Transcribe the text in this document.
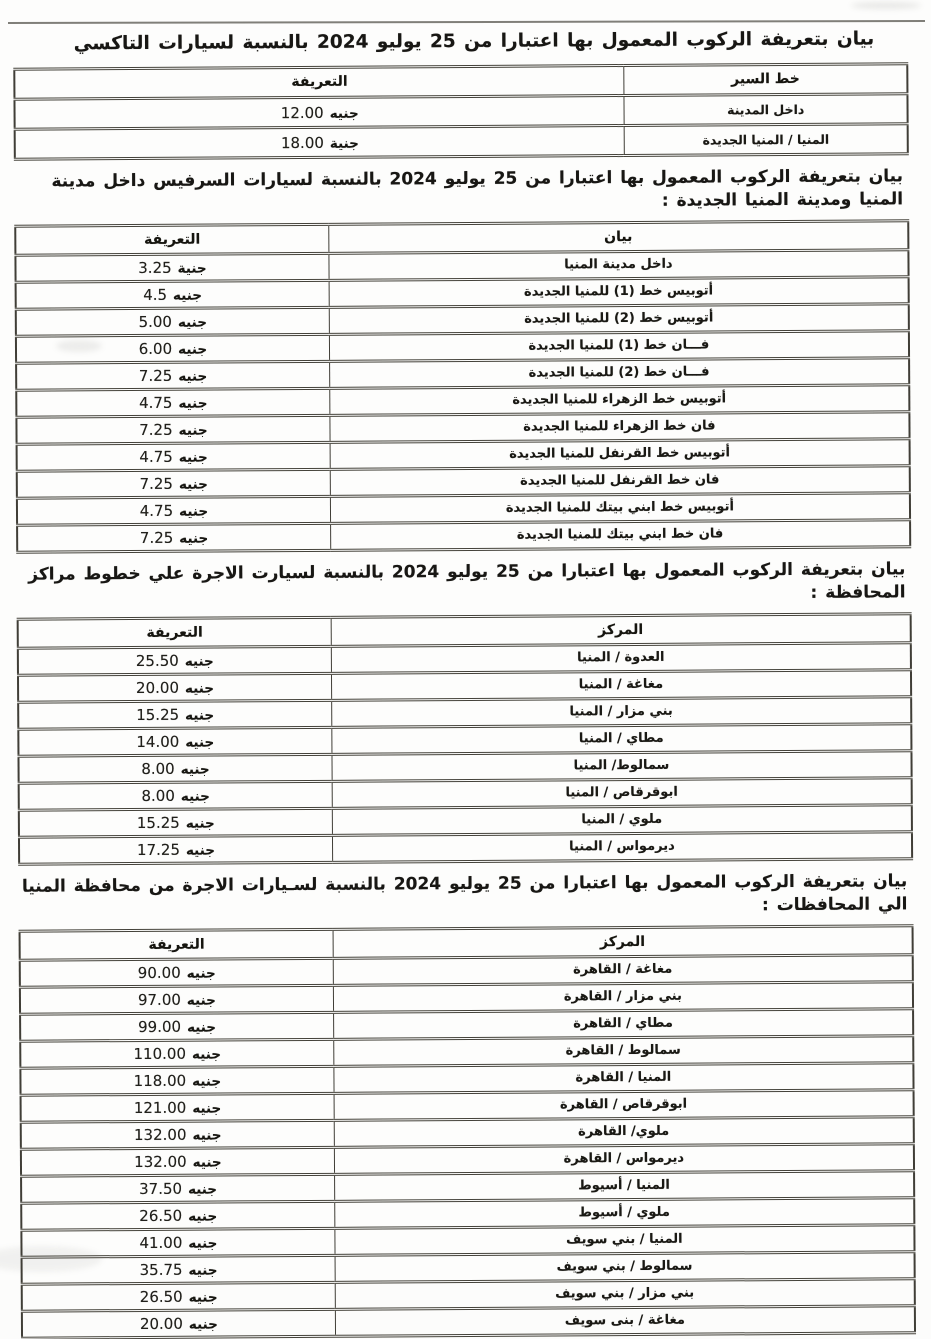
بيان بتعريفة الركوب المعمول بها اعتبارا من 25 يوليو 2024 بالنسبة لسيارات التاكسي
خط السير	التعريفة
داخل المدينة	12.00 جنيه
المنيا / المنيا الجديدة	18.00 جنية
بيان بتعريفة الركوب المعمول بها اعتبارا من 25 يوليو 2024 بالنسبة لسيارات السرفيس داخل مدينة المنيا ومدينة المنيا الجديدة :
بيان	التعريفة
داخل مدينة المنيا	3.25 جنية
أتوبيس خط (1) للمنيا الجديدة	4.5 جنيه
أتوبيس خط (2) للمنيا الجديدة	5.00 جنيه
فـــان خط (1) للمنيا الجديدة	6.00 جنيه
فـــان خط (2) للمنيا الجديدة	7.25 جنيه
أتوبيس خط الزهراء للمنيا الجديدة	4.75 جنيه
فان خط الزهراء للمنيا الجديدة	7.25 جنيه
أتوبيس خط القرنفل للمنيا الجديدة	4.75 جنيه
فان خط القرنفل للمنيا الجديدة	7.25 جنيه
أتوبيس خط ابني بيتك للمنيا الجديدة	4.75 جنيه
فان خط ابني بيتك للمنيا الجديدة	7.25 جنيه
بيان بتعريفة الركوب المعمول بها اعتبارا من 25 يوليو 2024 بالنسبة لسيارت الاجرة علي خطوط مراكز المحافظة :
المركز	التعريفة
العدوة / المنيا	25.50 جنيه
مغاغة / المنيا	20.00 جنيه
بني مزار / المنيا	15.25 جنيه
مطاي / المنيا	14.00 جنيه
سمالوط/ المنيا	8.00 جنيه
ابوقرقاص / المنيا	8.00 جنيه
ملوي / المنيا	15.25 جنيه
ديرمواس / المنيا	17.25 جنيه
بيان بتعريفة الركوب المعمول بها اعتبارا من 25 يوليو 2024 بالنسبة لسـيارات الاجرة من محافظة المنيا الي المحافظات :
المركز	التعريفة
مغاغة / القاهرة	90.00 جنيه
بني مزار / القاهرة	97.00 جنيه
مطاي / القاهرة	99.00 جنيه
سمالوط / القاهرة	110.00 جنيه
المنيا / القاهرة	118.00 جنيه
ابوقرقاص / القاهرة	121.00 جنيه
ملوي/ القاهرة	132.00 جنيه
ديرمواس / القاهرة	132.00 جنيه
المنيا / أسيوط	37.50 جنيه
ملوي / أسيوط	26.50 جنيه
المنيا / بني سويف	41.00 جنيه
سمالوط / بني سويف	35.75 جنيه
بني مزار / بني سويف	26.50 جنيه
مغاغة / بنى سويف	20.00 جنيه
